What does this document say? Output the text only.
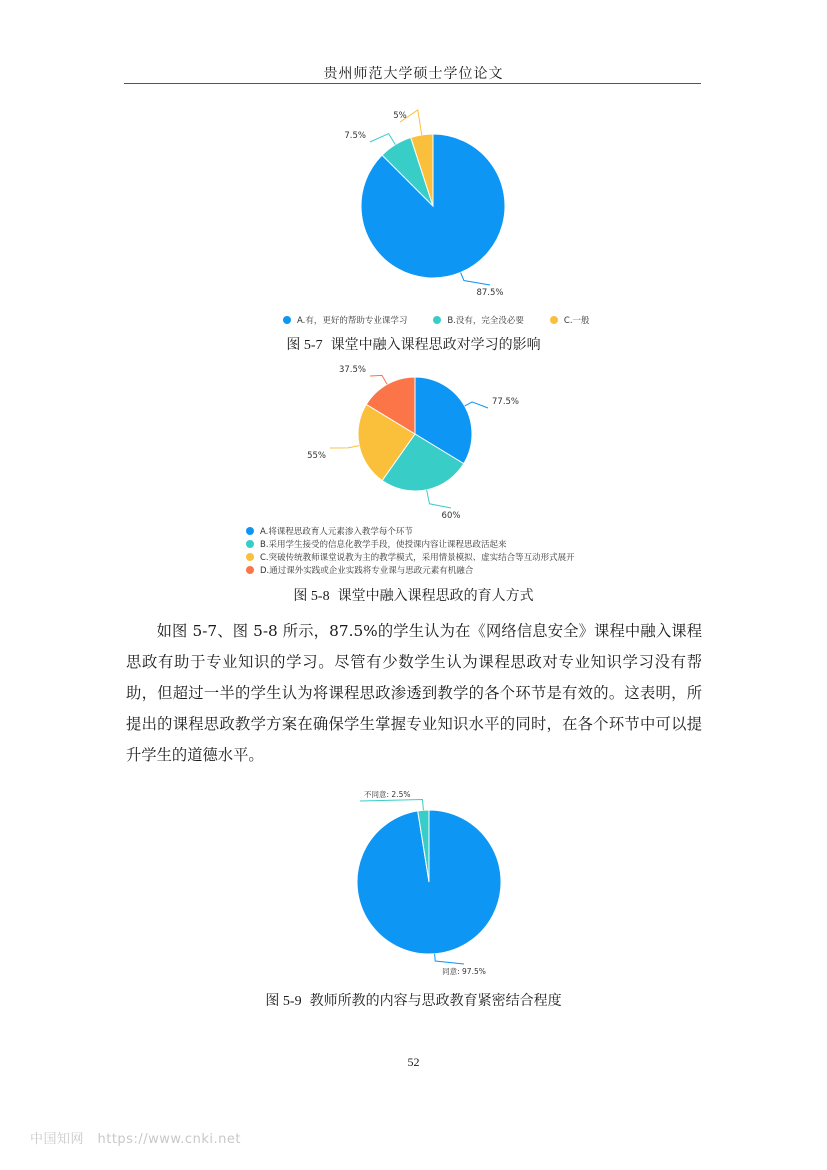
贵州师范大学硕士学位论文
87.5%
7.5%
5%
A.有，更好的帮助专业课学习	B.没有，完全没必要	C.一般
图 5-7 课堂中融入课程思政对学习的影响
77.5%
60%
55%
37.5%
A.将课程思政育人元素渗入教学每个环节
B.采用学生接受的信息化教学手段，使授课内容让课程思政活起来
C.突破传统教师课堂说教为主的教学模式，采用情景模拟、虚实结合等互动形式展开
D.通过课外实践或企业实践将专业课与思政元素有机融合
图 5-8 课堂中融入课程思政的育人方式

如图 5-7、图 5-8 所示，87.5%的学生认为在《网络信息安全》课程中融入课程思政有助于专业知识的学习。尽管有少数学生认为课程思政对专业知识学习没有帮助，但超过一半的学生认为将课程思政渗透到教学的各个环节是有效的。这表明，所提出的课程思政教学方案在确保学生掌握专业知识水平的同时，在各个环节中可以提升学生的道德水平。

同意: 97.5%
不同意: 2.5%
图 5-9 教师所教的内容与思政教育紧密结合程度
52
中国知网　https://www.cnki.net
